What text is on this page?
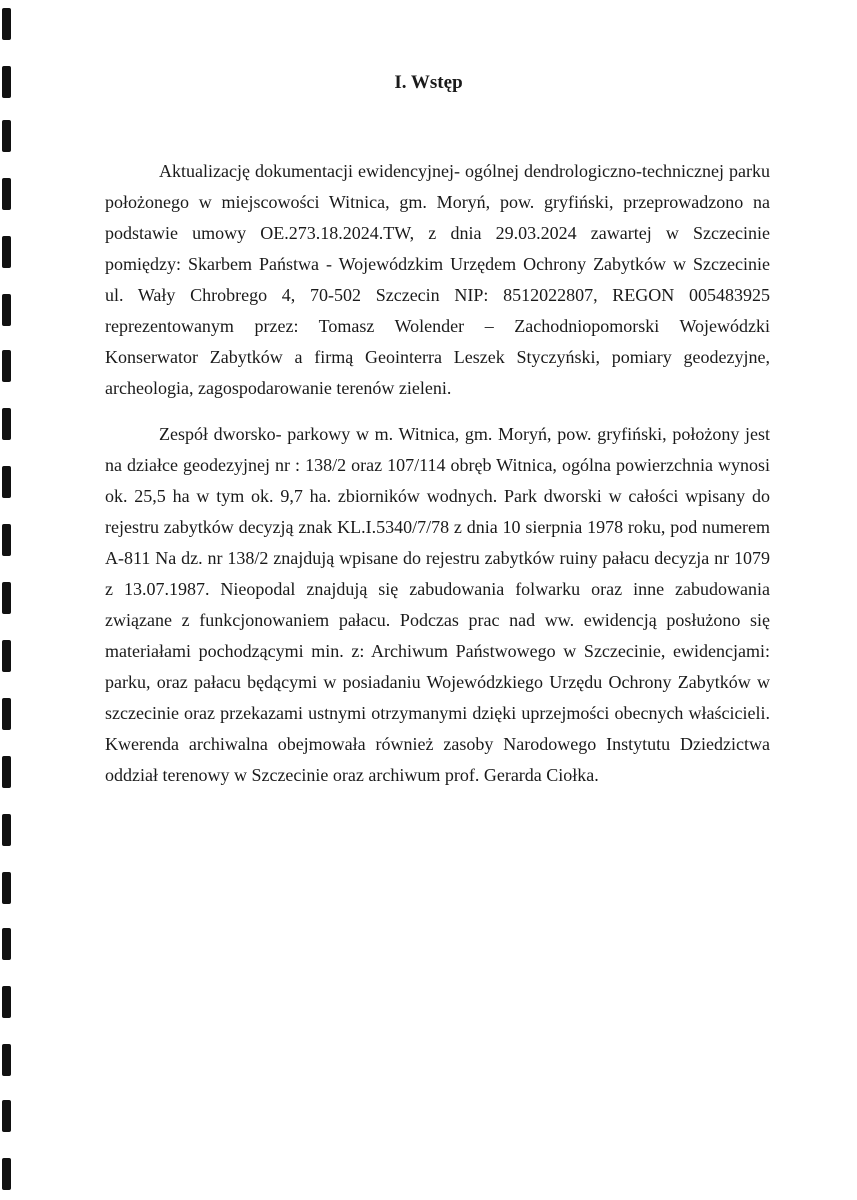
I. Wstęp

Aktualizację dokumentacji ewidencyjnej- ogólnej dendrologiczno-technicznej parku położonego w miejscowości Witnica, gm. Moryń, pow. gryfiński, przeprowadzono na podstawie umowy OE.273.18.2024.TW, z dnia 29.03.2024 zawartej w Szczecinie pomiędzy: Skarbem Państwa - Wojewódzkim Urzędem Ochrony Zabytków w Szczecinie ul. Wały Chrobrego 4, 70-502 Szczecin NIP: 8512022807, REGON 005483925 reprezentowanym przez: Tomasz Wolender – Zachodniopomorski Wojewódzki Konserwator Zabytków a firmą Geointerra Leszek Styczyński, pomiary geodezyjne, archeologia, zagospodarowanie terenów zieleni.

Zespół dworsko- parkowy w m. Witnica, gm. Moryń, pow. gryfiński, położony jest na działce geodezyjnej nr : 138/2 oraz 107/114 obręb Witnica, ogólna powierzchnia wynosi ok. 25,5 ha w tym ok. 9,7 ha. zbiorników wodnych. Park dworski w całości wpisany do rejestru zabytków decyzją znak KL.I.5340/7/78 z dnia 10 sierpnia 1978 roku, pod numerem A-811 Na dz. nr 138/2 znajdują wpisane do rejestru zabytków ruiny pałacu decyzja nr 1079 z 13.07.1987. Nieopodal znajdują się zabudowania folwarku oraz inne zabudowania związane z funkcjonowaniem pałacu. Podczas prac nad ww. ewidencją posłużono się materiałami pochodzącymi min. z: Archiwum Państwowego w Szczecinie, ewidencjami: parku, oraz pałacu będącymi w posiadaniu Wojewódzkiego Urzędu Ochrony Zabytków w szczecinie oraz przekazami ustnymi otrzymanymi dzięki uprzejmości obecnych właścicieli. Kwerenda archiwalna obejmowała również zasoby Narodowego Instytutu Dziedzictwa oddział terenowy w Szczecinie oraz archiwum prof. Gerarda Ciołka.
